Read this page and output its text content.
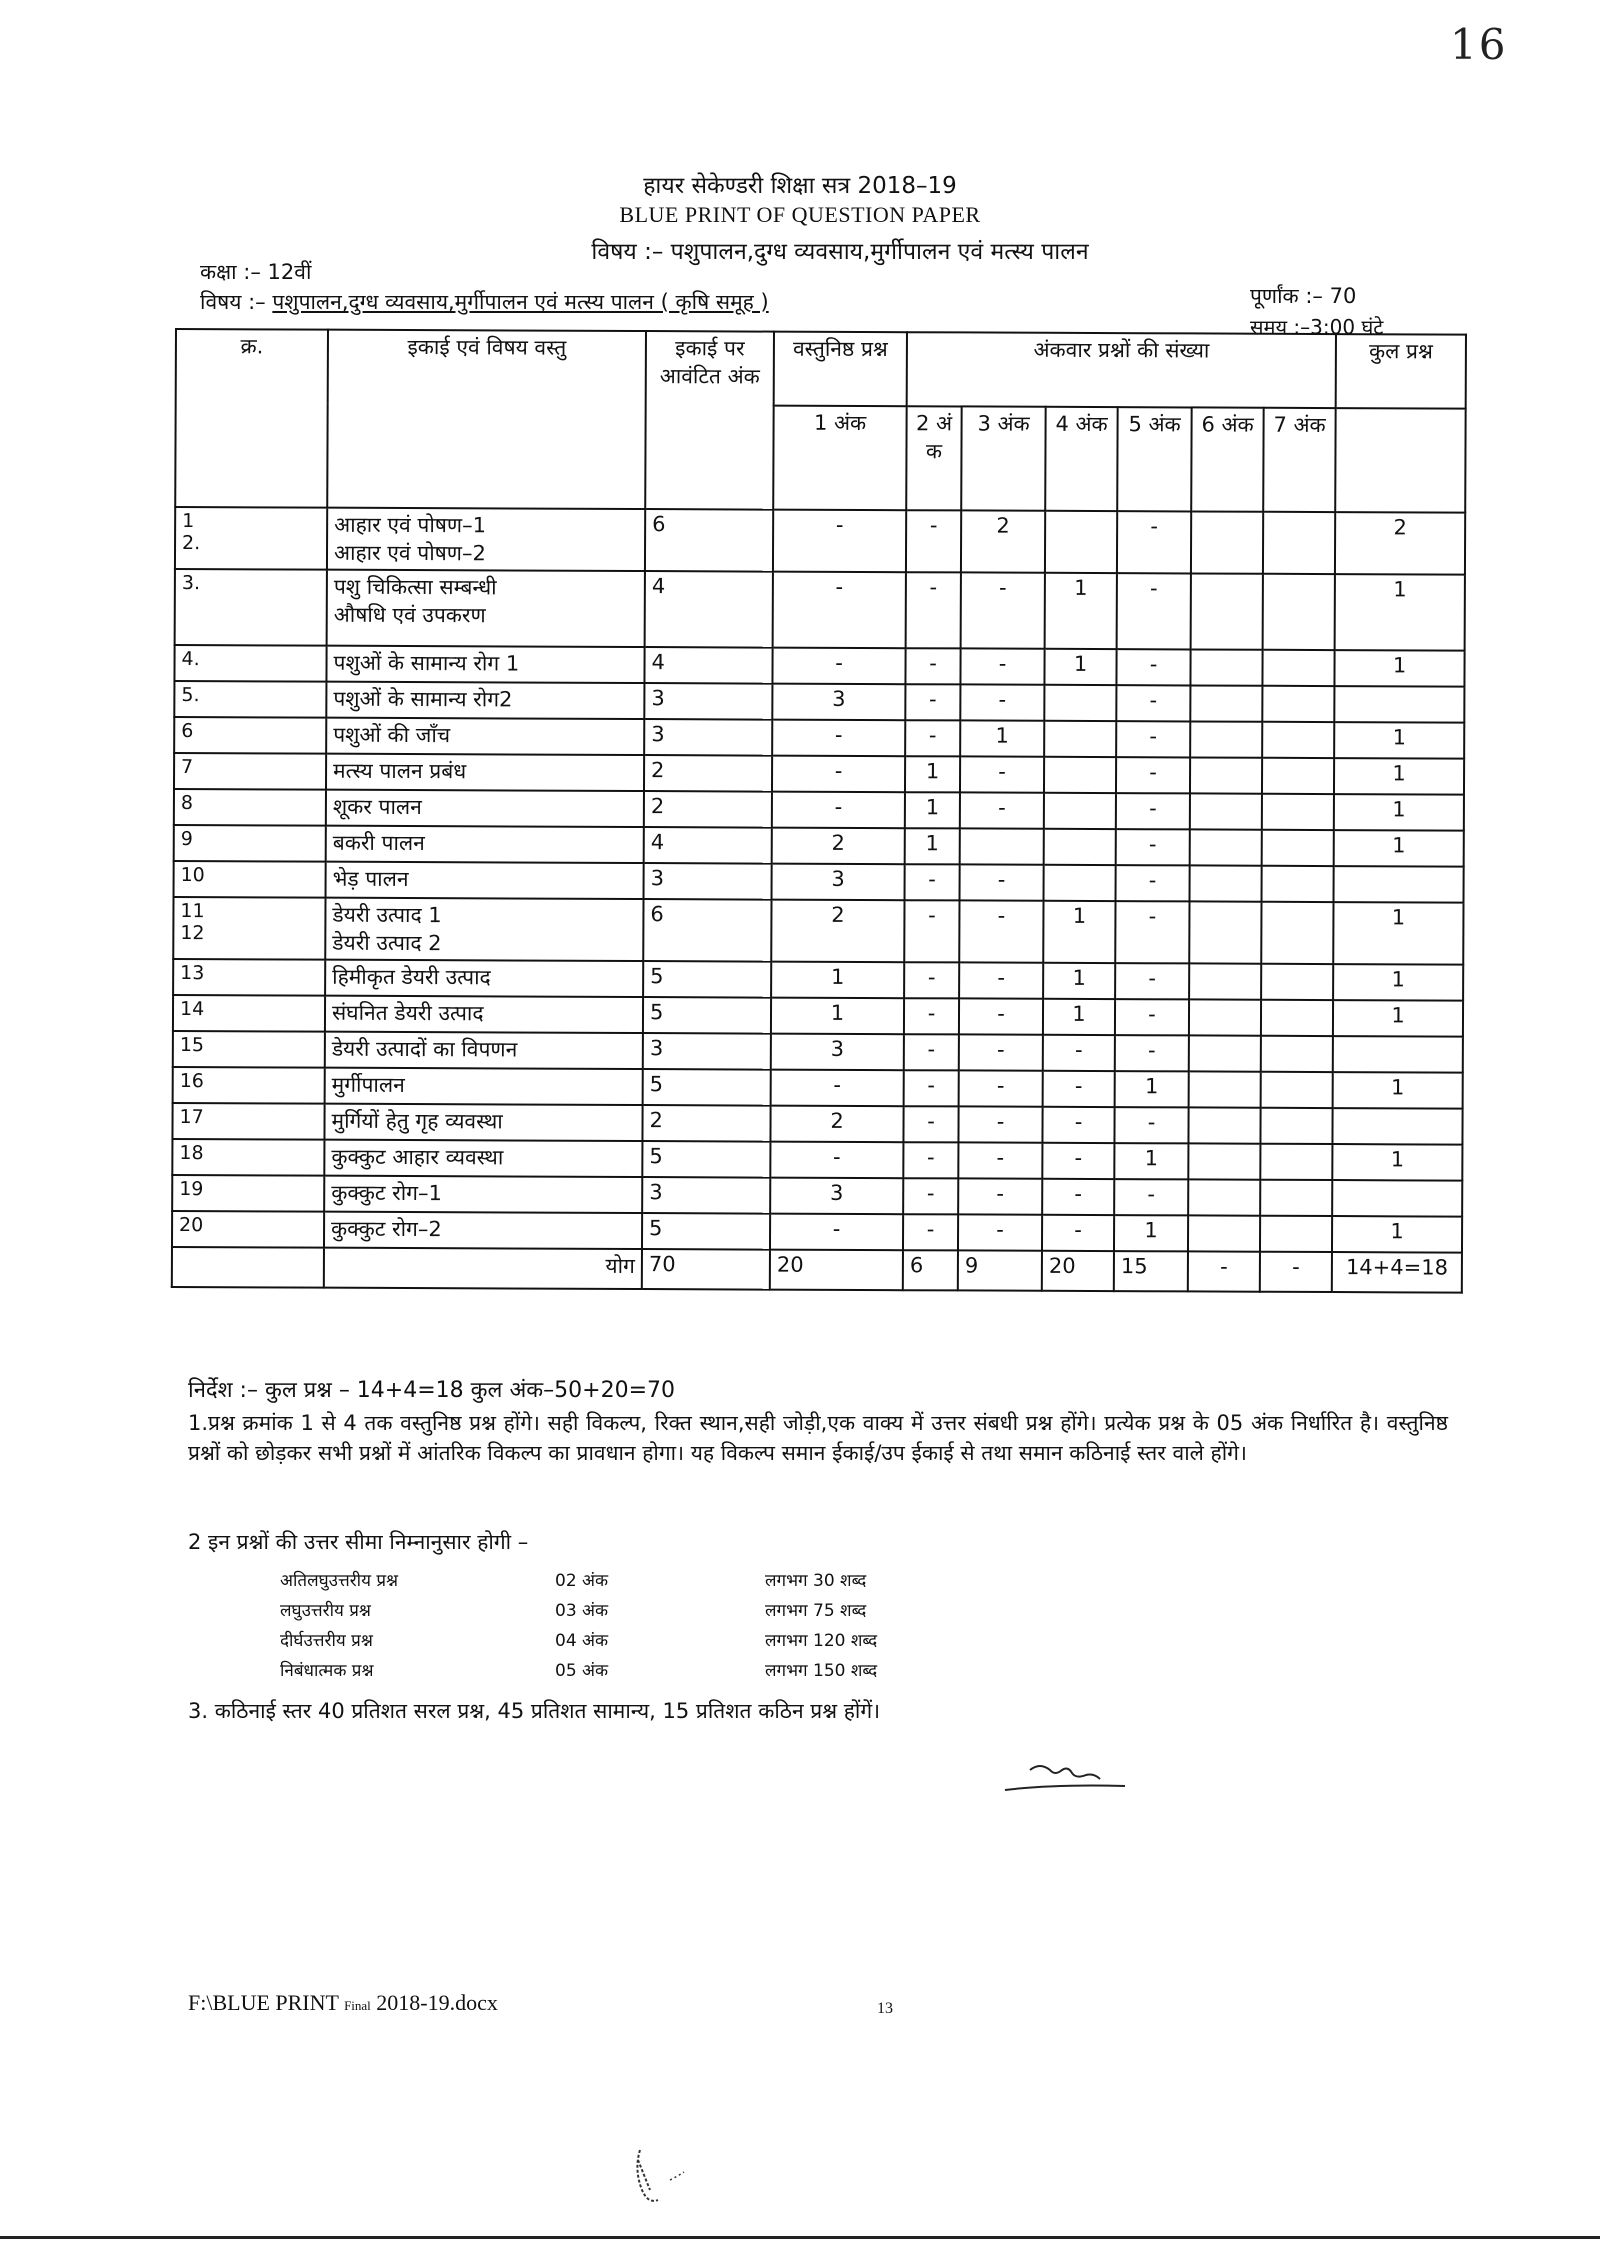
16
हायर सेकेण्डरी शिक्षा सत्र 2018–19
BLUE PRINT OF QUESTION PAPER
विषय :– पशुपालन,दुग्ध व्यवसाय,मुर्गीपालन एवं मत्स्य पालन
कक्षा :– 12वीं
विषय :– पशुपालन,दुग्ध व्यवसाय,मुर्गीपालन एवं मत्स्य पालन ( कृषि समूह )	पूर्णांक :– 70
समय :–3:00 घंटे
क्र.	इकाई एवं विषय वस्तु	इकाई पर आवंटित अंक	वस्तुनिष्ठ प्रश्न	अंकवार प्रश्नों की संख्या						कुल प्रश्न
			1 अंक	2 अं क	3 अंक	4 अंक	5 अंक	6 अंक	7 अंक	

1
2.	आहार एवं पोषण–1
आहार एवं पोषण–2	6	-	-	2		-			2

3.	पशु चिकित्सा सम्बन्धी
औषधि एवं उपकरण	4	-	-	-	1	-			1

4.	पशुओं के सामान्य रोग 1	4	-	-	-	1	-			1

5.	पशुओं के सामान्य रोग2	3	3	-	-		-			

6	पशुओं की जाँच	3	-	-	1		-			1

7	मत्स्य पालन प्रबंध	2	-	1	-		-			1

8	शूकर पालन	2	-	1	-		-			1

9	बकरी पालन	4	2	1			-			1

10	भेड़ पालन	3	3	-	-		-			

11
12	डेयरी उत्पाद 1
डेयरी उत्पाद 2	6	2	-	-	1	-			1

13	हिमीकृत डेयरी उत्पाद	5	1	-	-	1	-			1

14	संघनित डेयरी उत्पाद	5	1	-	-	1	-			1

15	डेयरी उत्पादों का विपणन	3	3	-	-	-	-			

16	मुर्गीपालन	5	-	-	-	-	1			1

17	मुर्गियों हेतु गृह व्यवस्था	2	2	-	-	-	-			

18	कुक्कुट आहार व्यवस्था	5	-	-	-	-	1			1

19	कुक्कुट रोग–1	3	3	-	-	-	-			

20	कुक्कुट रोग–2	5	-	-	-	-	1			1
	योग	70	20	6	9	20	15	-	-	14+4=18
निर्देश :– कुल प्रश्न – 14+4=18 कुल अंक–50+20=70
1.प्रश्न क्रमांक 1 से 4 तक वस्तुनिष्ठ प्रश्न होंगे। सही विकल्प, रिक्त स्थान,सही जोड़ी,एक वाक्य में उत्तर संबधी प्रश्न होंगे। प्रत्येक प्रश्न के 05 अंक निर्धारित है। वस्तुनिष्ठ प्रश्नों को छोड़कर सभी प्रश्नों में आंतरिक विकल्प का प्रावधान होगा। यह विकल्प समान ईकाई/उप ईकाई से तथा समान कठिनाई स्तर वाले होंगे।
2 इन प्रश्नों की उत्तर सीमा निम्नानुसार होगी –
अतिलघुउत्तरीय प्रश्न	02 अंक	लगभग 30 शब्द
लघुउत्तरीय प्रश्न	03 अंक	लगभग 75 शब्द
दीर्घउत्तरीय प्रश्न	04 अंक	लगभग 120 शब्द
निबंधात्मक प्रश्न	05 अंक	लगभग 150 शब्द
3. कठिनाई स्तर 40 प्रतिशत सरल प्रश्न, 45 प्रतिशत सामान्य, 15 प्रतिशत कठिन प्रश्न होंगें।
F:\BLUE PRINT Final 2018-19.docx	13
